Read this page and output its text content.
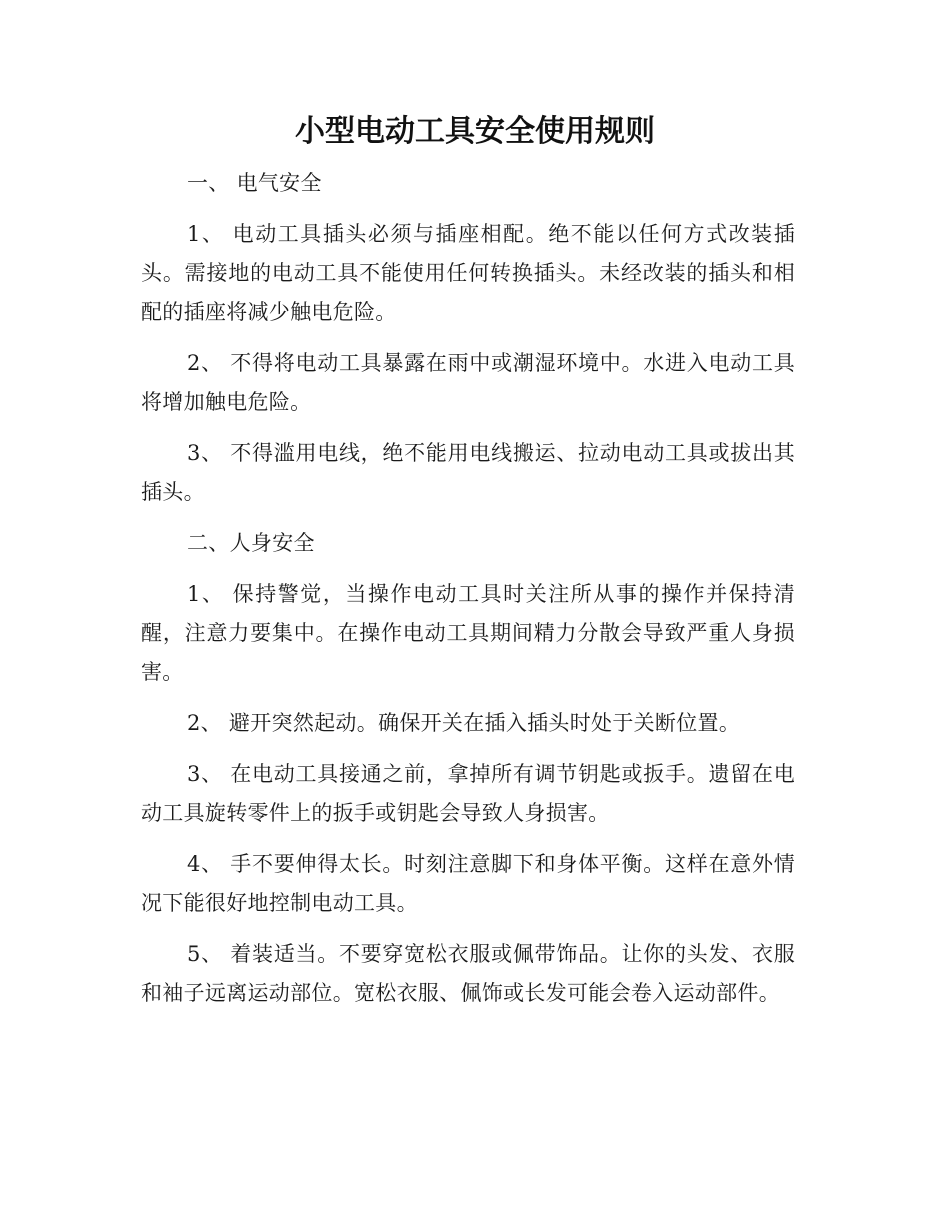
小型电动工具安全使用规则

一、 电气安全

1、 电动工具插头必须与插座相配。绝不能以任何方式改装插头。需接地的电动工具不能使用任何转换插头。未经改装的插头和相配的插座将减少触电危险。

2、 不得将电动工具暴露在雨中或潮湿环境中。水进入电动工具将增加触电危险。

3、 不得滥用电线，绝不能用电线搬运、拉动电动工具或拔出其插头。

二、人身安全

1、 保持警觉，当操作电动工具时关注所从事的操作并保持清醒，注意力要集中。在操作电动工具期间精力分散会导致严重人身损害。

2、 避开突然起动。确保开关在插入插头时处于关断位置。

3、 在电动工具接通之前，拿掉所有调节钥匙或扳手。遗留在电动工具旋转零件上的扳手或钥匙会导致人身损害。

4、 手不要伸得太长。时刻注意脚下和身体平衡。这样在意外情况下能很好地控制电动工具。

5、 着装适当。不要穿宽松衣服或佩带饰品。让你的头发、衣服和袖子远离运动部位。宽松衣服、佩饰或长发可能会卷入运动部件。
